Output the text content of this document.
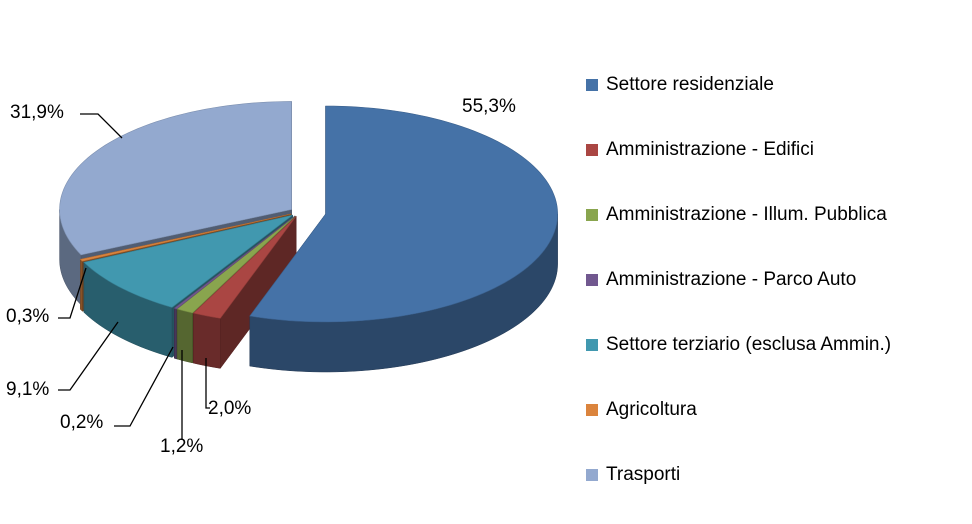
55,3%
2,0%
1,2%
0,2%
9,1%
0,3%
31,9%
Settore residenziale
Amministrazione - Edifici
Amministrazione - Illum. Pubblica
Amministrazione - Parco Auto
Settore terziario (esclusa Ammin.)
Agricoltura
Trasporti
